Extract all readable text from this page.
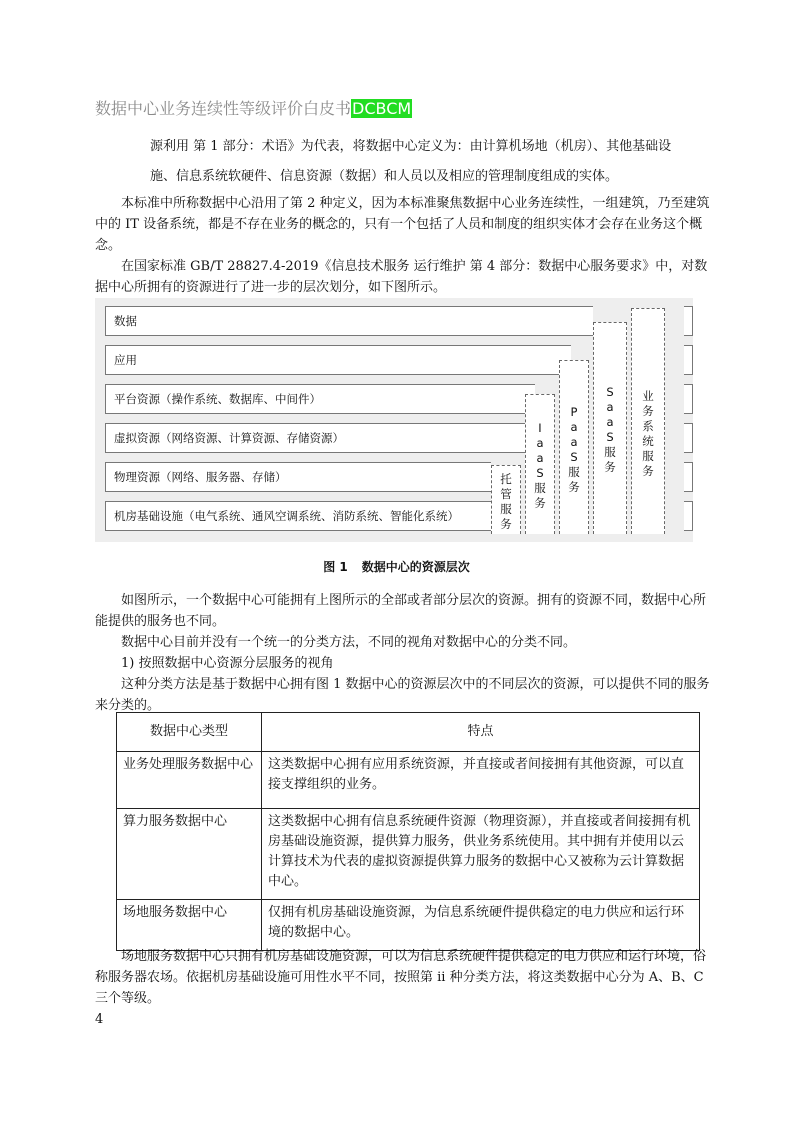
数据中心业务连续性等级评价白皮书DCBCM

源利用 第 1 部分：术语》为代表，将数据中心定义为：由计算机场地（机房）、其他基础设

施、信息系统软硬件、信息资源（数据）和人员以及相应的管理制度组成的实体。

本标准中所称数据中心沿用了第 2 种定义，因为本标准聚焦数据中心业务连续性，一组建筑，乃至建筑中的 IT 设备系统，都是不存在业务的概念的，只有一个包括了人员和制度的组织实体才会存在业务这个概念。

在国家标准 GB/T 28827.4-2019《信息技术服务 运行维护 第 4 部分：数据中心服务要求》中，对数据中心所拥有的资源进行了进一步的层次划分，如下图所示。

数据
应用
平台资源（操作系统、数据库、中间件）
虚拟资源（网络资源、计算资源、存储资源）
物理资源（网络、服务器、存储）
机房基础设施（电气系统、通风空调系统、消防系统、智能化系统）
托
管
服
务
I
a
a
S
服
务
P
a
a
S
服
务
S
a
a
S
服
务
业
务
系
统
服
务
图 1 数据中心的资源层次

如图所示，一个数据中心可能拥有上图所示的全部或者部分层次的资源。拥有的资源不同，数据中心所能提供的服务也不同。

数据中心目前并没有一个统一的分类方法，不同的视角对数据中心的分类不同。

1) 按照数据中心资源分层服务的视角

这种分类方法是基于数据中心拥有图 1 数据中心的资源层次中的不同层次的资源，可以提供不同的服务来分类的。

数据中心类型	特点
业务处理服务数据中心	这类数据中心拥有应用系统资源，并直接或者间接拥有其他资源，可以直接支撑组织的业务。
算力服务数据中心	这类数据中心拥有信息系统硬件资源（物理资源），并直接或者间接拥有机房基础设施资源，提供算力服务，供业务系统使用。其中拥有并使用以云计算技术为代表的虚拟资源提供算力服务的数据中心又被称为云计算数据中心。
场地服务数据中心	仅拥有机房基础设施资源，为信息系统硬件提供稳定的电力供应和运行环境的数据中心。

场地服务数据中心只拥有机房基础设施资源，可以为信息系统硬件提供稳定的电力供应和运行环境，俗称服务器农场。依据机房基础设施可用性水平不同，按照第 ii 种分类方法，将这类数据中心分为 A、B、C 三个等级。

4
